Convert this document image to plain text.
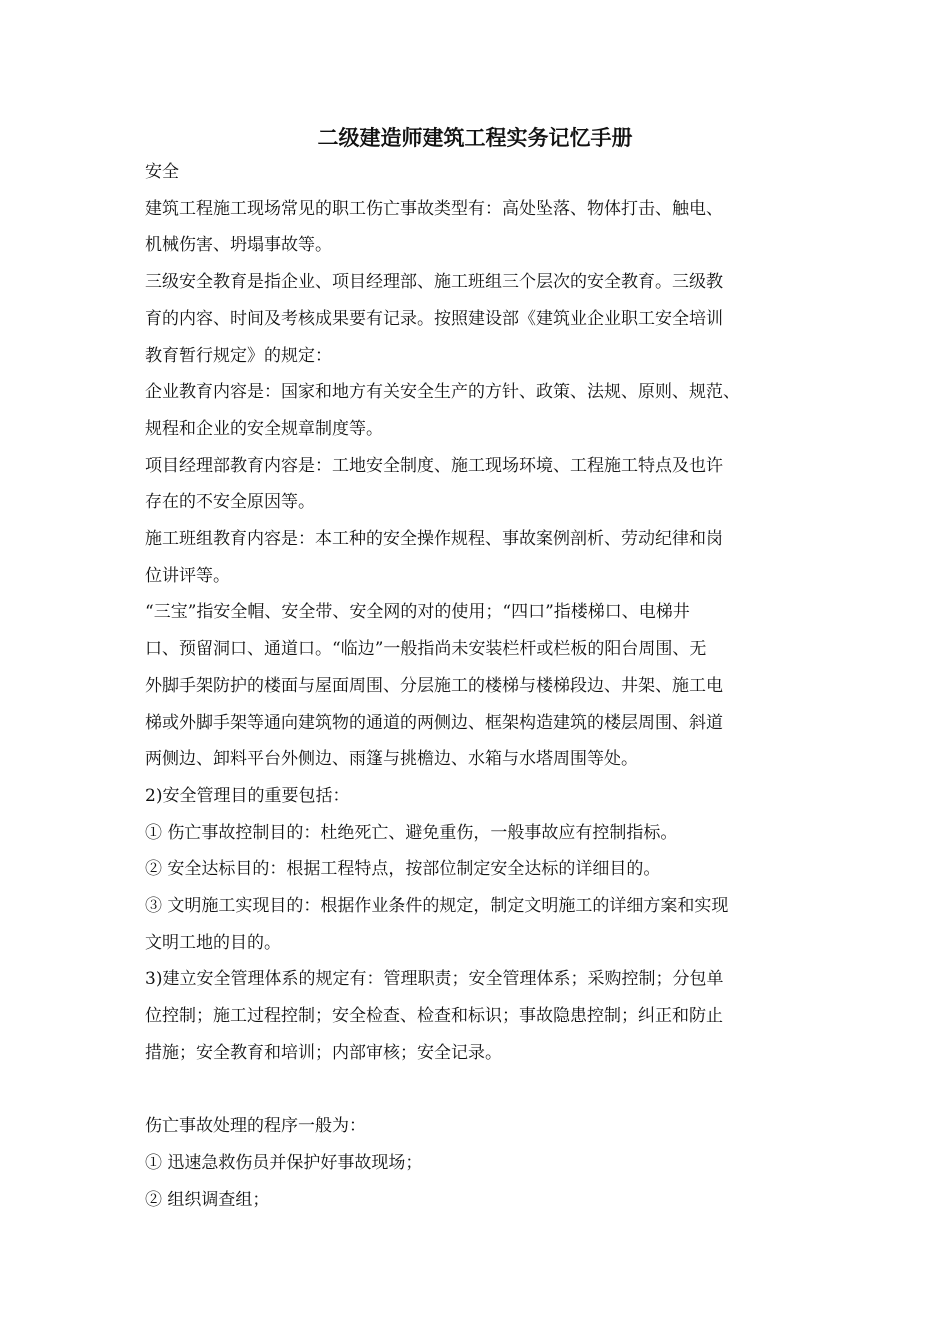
二级建造师建筑工程实务记忆手册

安全

建筑工程施工现场常见的职工伤亡事故类型有：高处坠落、物体打击、触电、

机械伤害、坍塌事故等。

三级安全教育是指企业、项目经理部、施工班组三个层次的安全教育。三级教

育的内容、时间及考核成果要有记录。按照建设部《建筑业企业职工安全培训

教育暂行规定》的规定：

企业教育内容是：国家和地方有关安全生产的方针、政策、法规、原则、规范、

规程和企业的安全规章制度等。

项目经理部教育内容是：工地安全制度、施工现场环境、工程施工特点及也许

存在的不安全原因等。

施工班组教育内容是：本工种的安全操作规程、事故案例剖析、劳动纪律和岗

位讲评等。

“三宝”指安全帽、安全带、安全网的对的使用；“四口”指楼梯口、电梯井

口、预留洞口、通道口。“临边”一般指尚未安装栏杆或栏板的阳台周围、无

外脚手架防护的楼面与屋面周围、分层施工的楼梯与楼梯段边、井架、施工电

梯或外脚手架等通向建筑物的通道的两侧边、框架构造建筑的楼层周围、斜道

两侧边、卸料平台外侧边、雨篷与挑檐边、水箱与水塔周围等处。

2)安全管理目的重要包括：

① 伤亡事故控制目的：杜绝死亡、避免重伤，一般事故应有控制指标。

② 安全达标目的：根据工程特点，按部位制定安全达标的详细目的。

③ 文明施工实现目的：根据作业条件的规定，制定文明施工的详细方案和实现

文明工地的目的。

3)建立安全管理体系的规定有：管理职责；安全管理体系；采购控制；分包单

位控制；施工过程控制；安全检查、检查和标识；事故隐患控制；纠正和防止

措施；安全教育和培训；内部审核；安全记录。

伤亡事故处理的程序一般为：

① 迅速急救伤员并保护好事故现场；

② 组织调查组；
